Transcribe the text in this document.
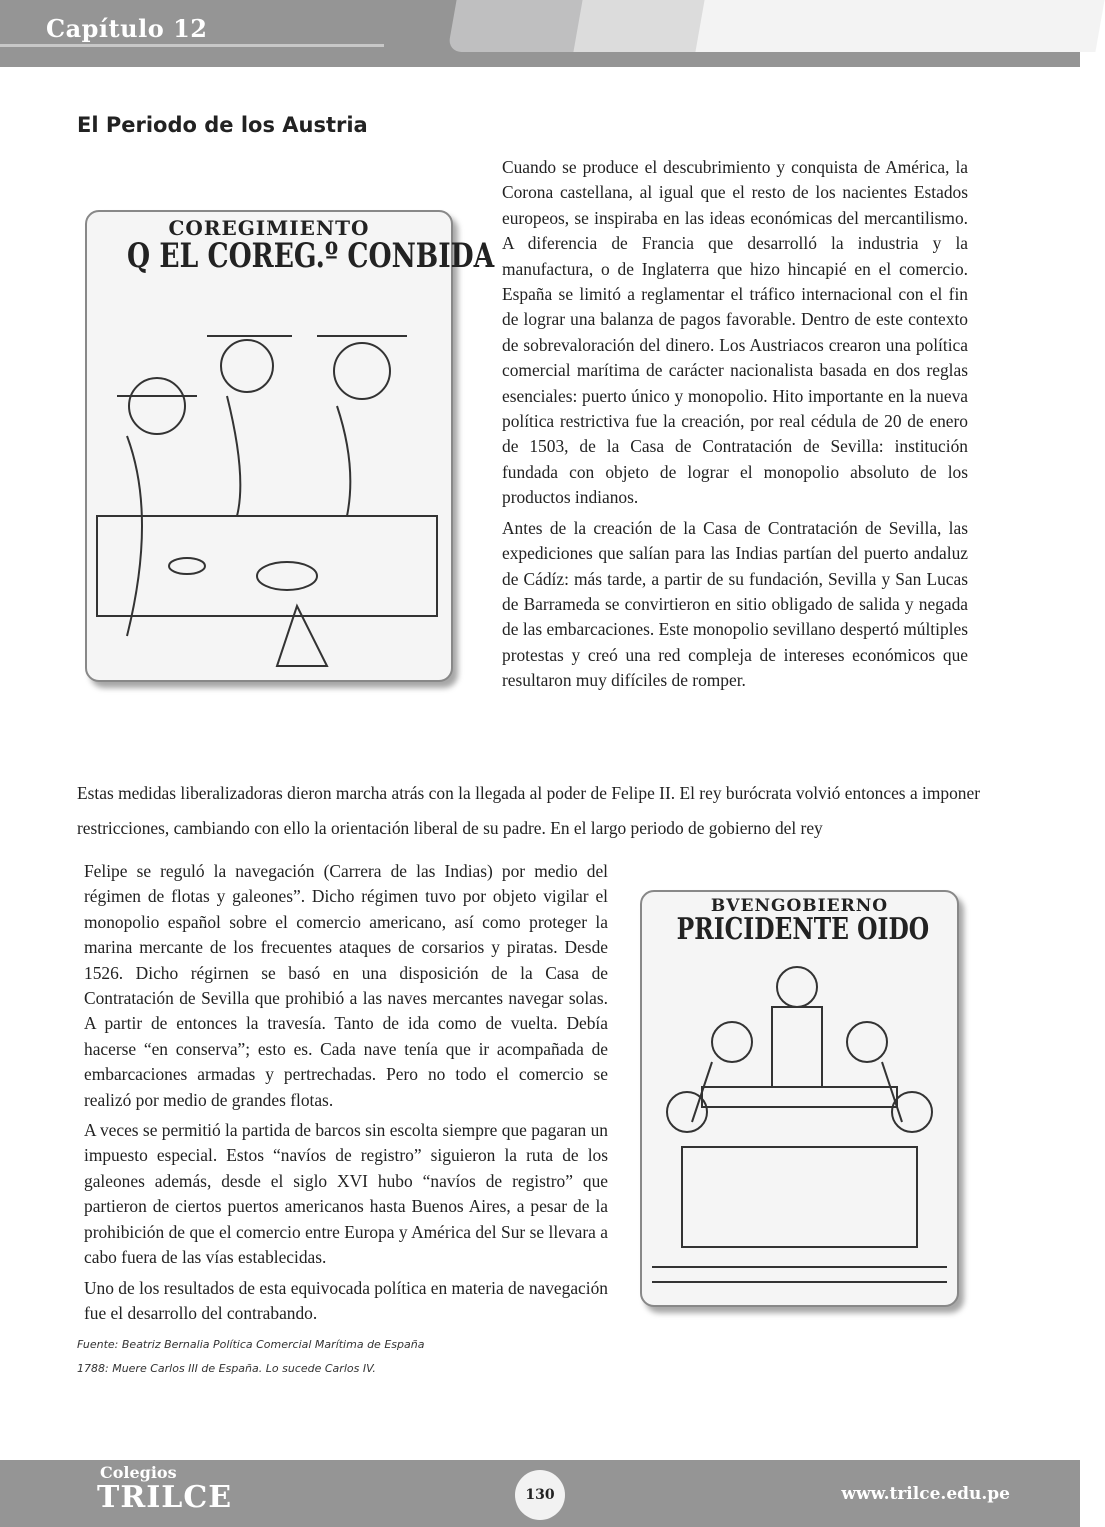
Capítulo 12
El Periodo de los Austria
COREGIMIENTO
Q EL COREG.º CONBIDA

Cuando se produce el descubrimiento y conquista de América, la Corona castellana, al igual que el resto de los nacientes Estados europeos, se inspiraba en las ideas económicas del mercantilismo. A diferencia de Francia que desarrolló la industria y la manufactura, o de Inglaterra que hizo hincapié en el comercio. España se limitó a reglamentar el tráfico internacional con el fin de lograr una balanza de pagos favorable. Dentro de este contexto de sobrevaloración del dinero. Los Austriacos crearon una política comercial marítima de carácter nacionalista basada en dos reglas esenciales: puerto único y monopolio. Hito importante en la nueva política restrictiva fue la creación, por real cédula de 20 de enero de 1503, de la Casa de Contratación de Sevilla: institución fundada con objeto de lograr el monopolio absoluto de los productos indianos.

Antes de la creación de la Casa de Contratación de Sevilla, las expediciones que salían para las Indias partían del puerto andaluz de Cádíz: más tarde, a partir de su fundación, Sevilla y San Lucas de Barrameda se convirtieron en sitio obligado de salida y negada de las embarcaciones. Este monopolio sevillano despertó múltiples protestas y creó una red compleja de intereses económicos que resultaron muy difíciles de romper.

Estas medidas liberalizadoras dieron marcha atrás con la llegada al poder de Felipe II. El rey burócrata volvió entonces a imponer restricciones, cambiando con ello la orientación liberal de su padre. En el largo periodo de gobierno del rey

Felipe se reguló la navegación (Carrera de las Indias) por medio del régimen de flotas y galeones”. Dicho régimen tuvo por objeto vigilar el monopolio español sobre el comercio americano, así como proteger la marina mercante de los frecuentes ataques de corsarios y piratas. Desde 1526. Dicho régirnen se basó en una disposición de la Casa de Contratación de Sevilla que prohibió a las naves mercantes navegar solas. A partir de entonces la travesía. Tanto de ida como de vuelta. Debía hacerse “en conserva”; esto es. Cada nave tenía que ir acompañada de embarcaciones armadas y pertrechadas. Pero no todo el comercio se realizó por medio de grandes flotas.

A veces se permitió la partida de barcos sin escolta siempre que pagaran un impuesto especial. Estos “navíos de registro” siguieron la ruta de los galeones además, desde el siglo XVI hubo “navíos de registro” que partieron de ciertos puertos americanos hasta Buenos Aires, a pesar de la prohibición de que el comercio entre Europa y América del Sur se llevara a cabo fuera de las vías establecidas.

Uno de los resultados de esta equivocada política en materia de navegación fue el desarrollo del contrabando.

BVENGOBIERNO
PRICIDENTE OIDO
Fuente: Beatriz Bernalia Política Comercial Marítima de España
1788: Muere Carlos III de España. Lo sucede Carlos IV.
Colegios
TRILCE	130	www.trilce.edu.pe
